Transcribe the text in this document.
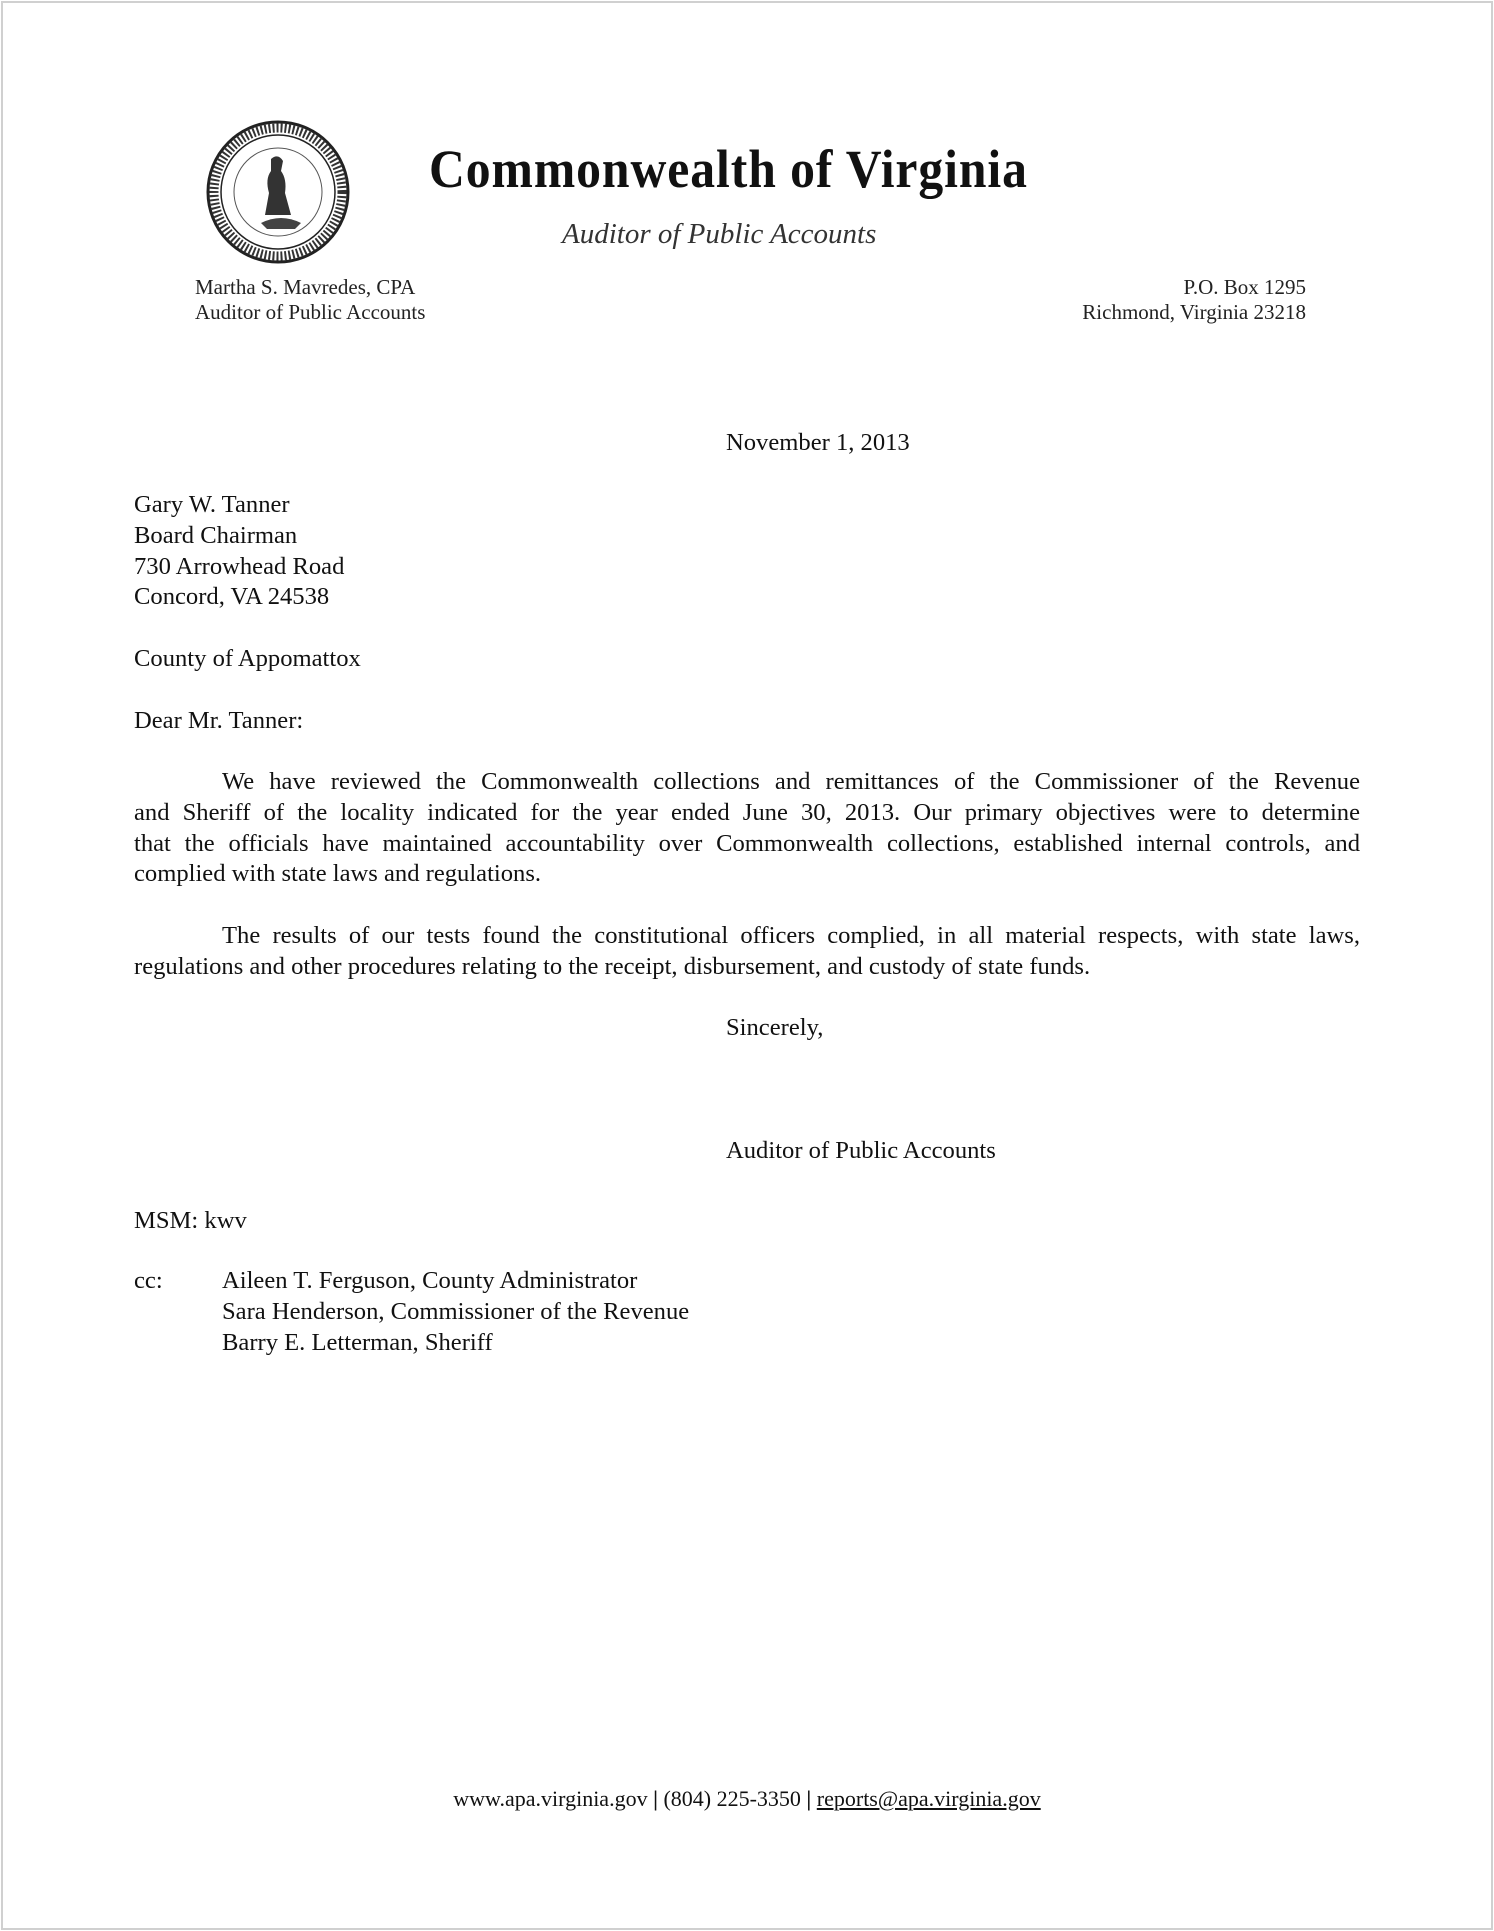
Commonwealth of Virginia
Auditor of Public Accounts
Martha S. Mavredes, CPA
Auditor of Public Accounts
P.O. Box 1295
Richmond, Virginia 23218
November 1, 2013
Gary W. Tanner
Board Chairman
730 Arrowhead Road
Concord, VA 24538
County of Appomattox
Dear Mr. Tanner:
We have reviewed the Commonwealth collections and remittances of the Commissioner of the Revenue
and Sheriff of the locality indicated for the year ended June 30, 2013. Our primary objectives were to determine
that the officials have maintained accountability over Commonwealth collections, established internal controls, and
complied with state laws and regulations.
The results of our tests found the constitutional officers complied, in all material respects, with state laws,
regulations and other procedures relating to the receipt, disbursement, and custody of state funds.
Sincerely,
Auditor of Public Accounts
MSM: kwv
cc: Aileen T. Ferguson, County Administrator
Sara Henderson, Commissioner of the Revenue
Barry E. Letterman, Sheriff
www.apa.virginia.gov | (804) 225-3350 | reports@apa.virginia.gov
